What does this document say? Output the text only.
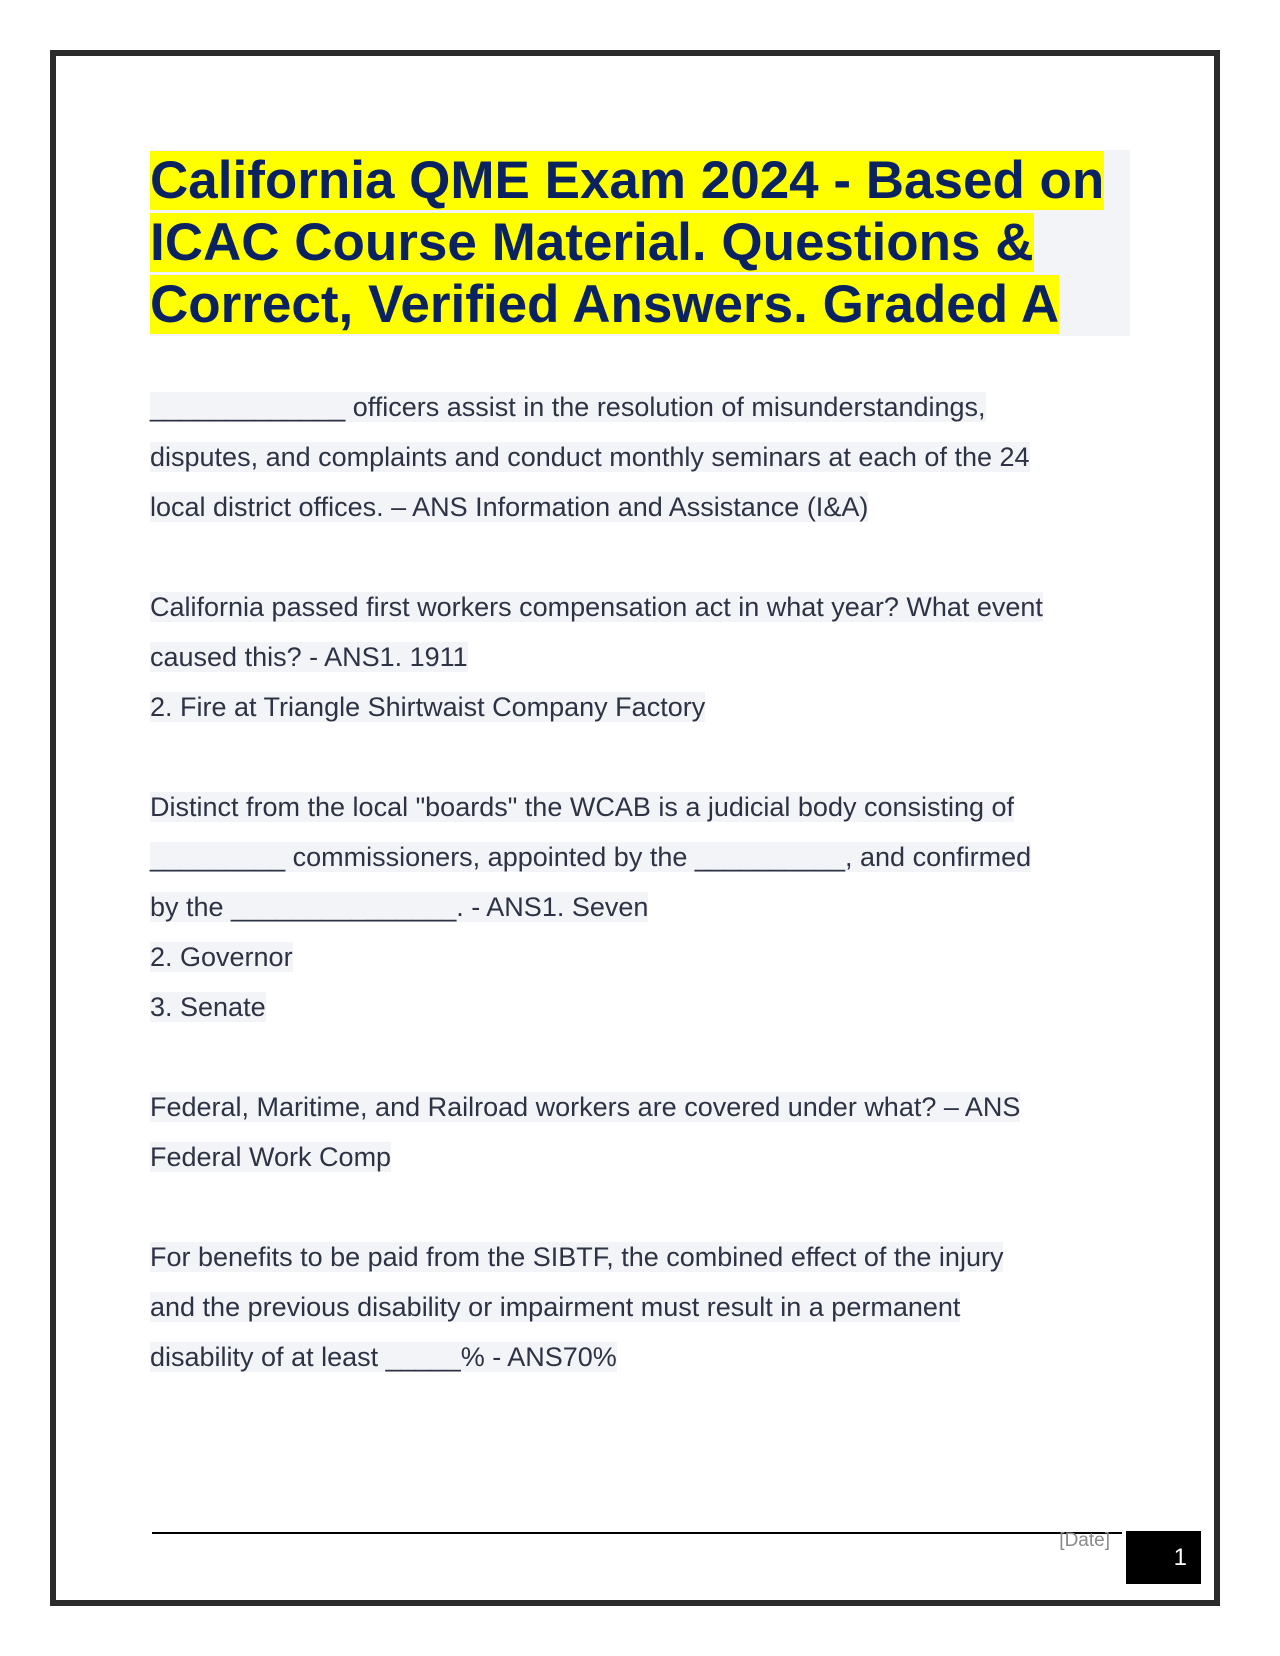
California QME Exam 2024 - Based on ICAC Course Material. Questions & Correct, Verified Answers. Graded A

_____________ officers assist in the resolution of misunderstandings,
disputes, and complaints and conduct monthly seminars at each of the 24
local district offices. – ANS Information and Assistance (I&A)

California passed first workers compensation act in what year? What event
caused this? - ANS1. 1911
2. Fire at Triangle Shirtwaist Company Factory

Distinct from the local "boards" the WCAB is a judicial body consisting of
_________ commissioners, appointed by the __________, and confirmed
by the _______________. - ANS1. Seven
2. Governor
3. Senate

Federal, Maritime, and Railroad workers are covered under what? – ANS
Federal Work Comp

For benefits to be paid from the SIBTF, the combined effect of the injury
and the previous disability or impairment must result in a permanent
disability of at least _____% - ANS70%

[Date]
1
